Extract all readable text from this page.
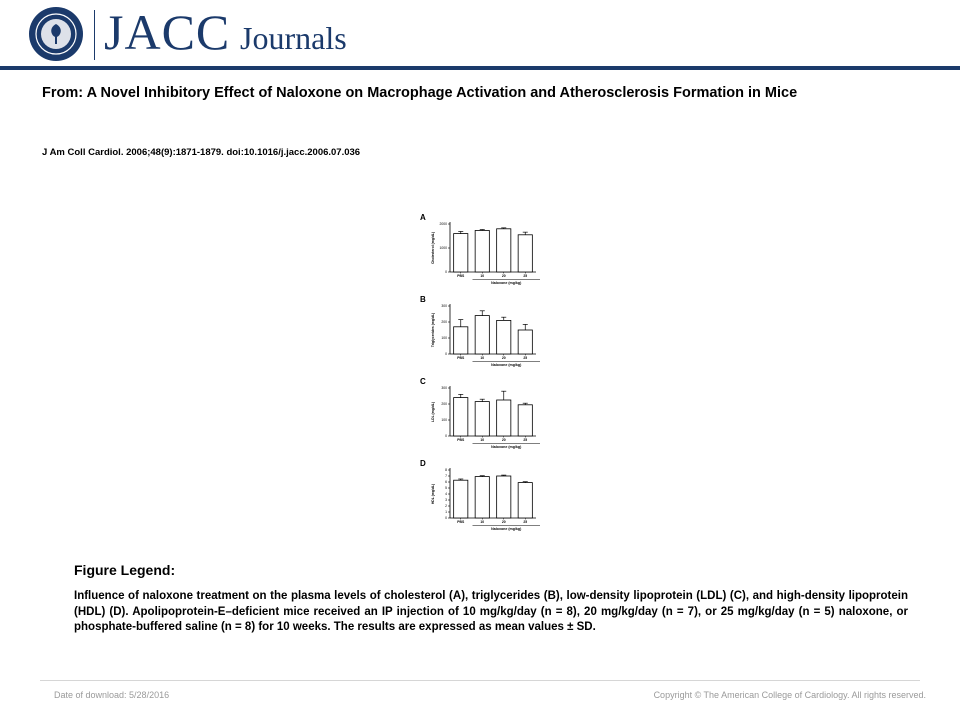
JACC Journals
From: A Novel Inhibitory Effect of Naloxone on Macrophage Activation and Atherosclerosis Formation in Mice
J Am Coll Cardiol. 2006;48(9):1871-1879. doi:10.1016/j.jacc.2006.07.036
A
Cholesterol (mg/dL)
0
1000
2000
PBS	10	20	25
Naloxone (mg/kg)
B
Triglycerides (mg/dL)
0
100
200
300
PBS	10	20	25
Naloxone (mg/kg)
C
LDL (mg/dL)
0
100
200
300
PBS	10	20	25
Naloxone (mg/kg)
D
HDL (mg/dL)
0
1
2
3
4
5
6
7
8
PBS	10	20	25
Naloxone (mg/kg)
Figure Legend:
Influence of naloxone treatment on the plasma levels of cholesterol (A), triglycerides (B), low-density lipoprotein (LDL) (C), and high-density lipoprotein (HDL) (D). Apolipoprotein-E–deficient mice received an IP injection of 10 mg/kg/day (n = 8), 20 mg/kg/day (n = 7), or 25 mg/kg/day (n = 5) naloxone, or phosphate-buffered saline (n = 8) for 10 weeks. The results are expressed as mean values ± SD.
Date of download: 5/28/2016	Copyright © The American College of Cardiology. All rights reserved.
